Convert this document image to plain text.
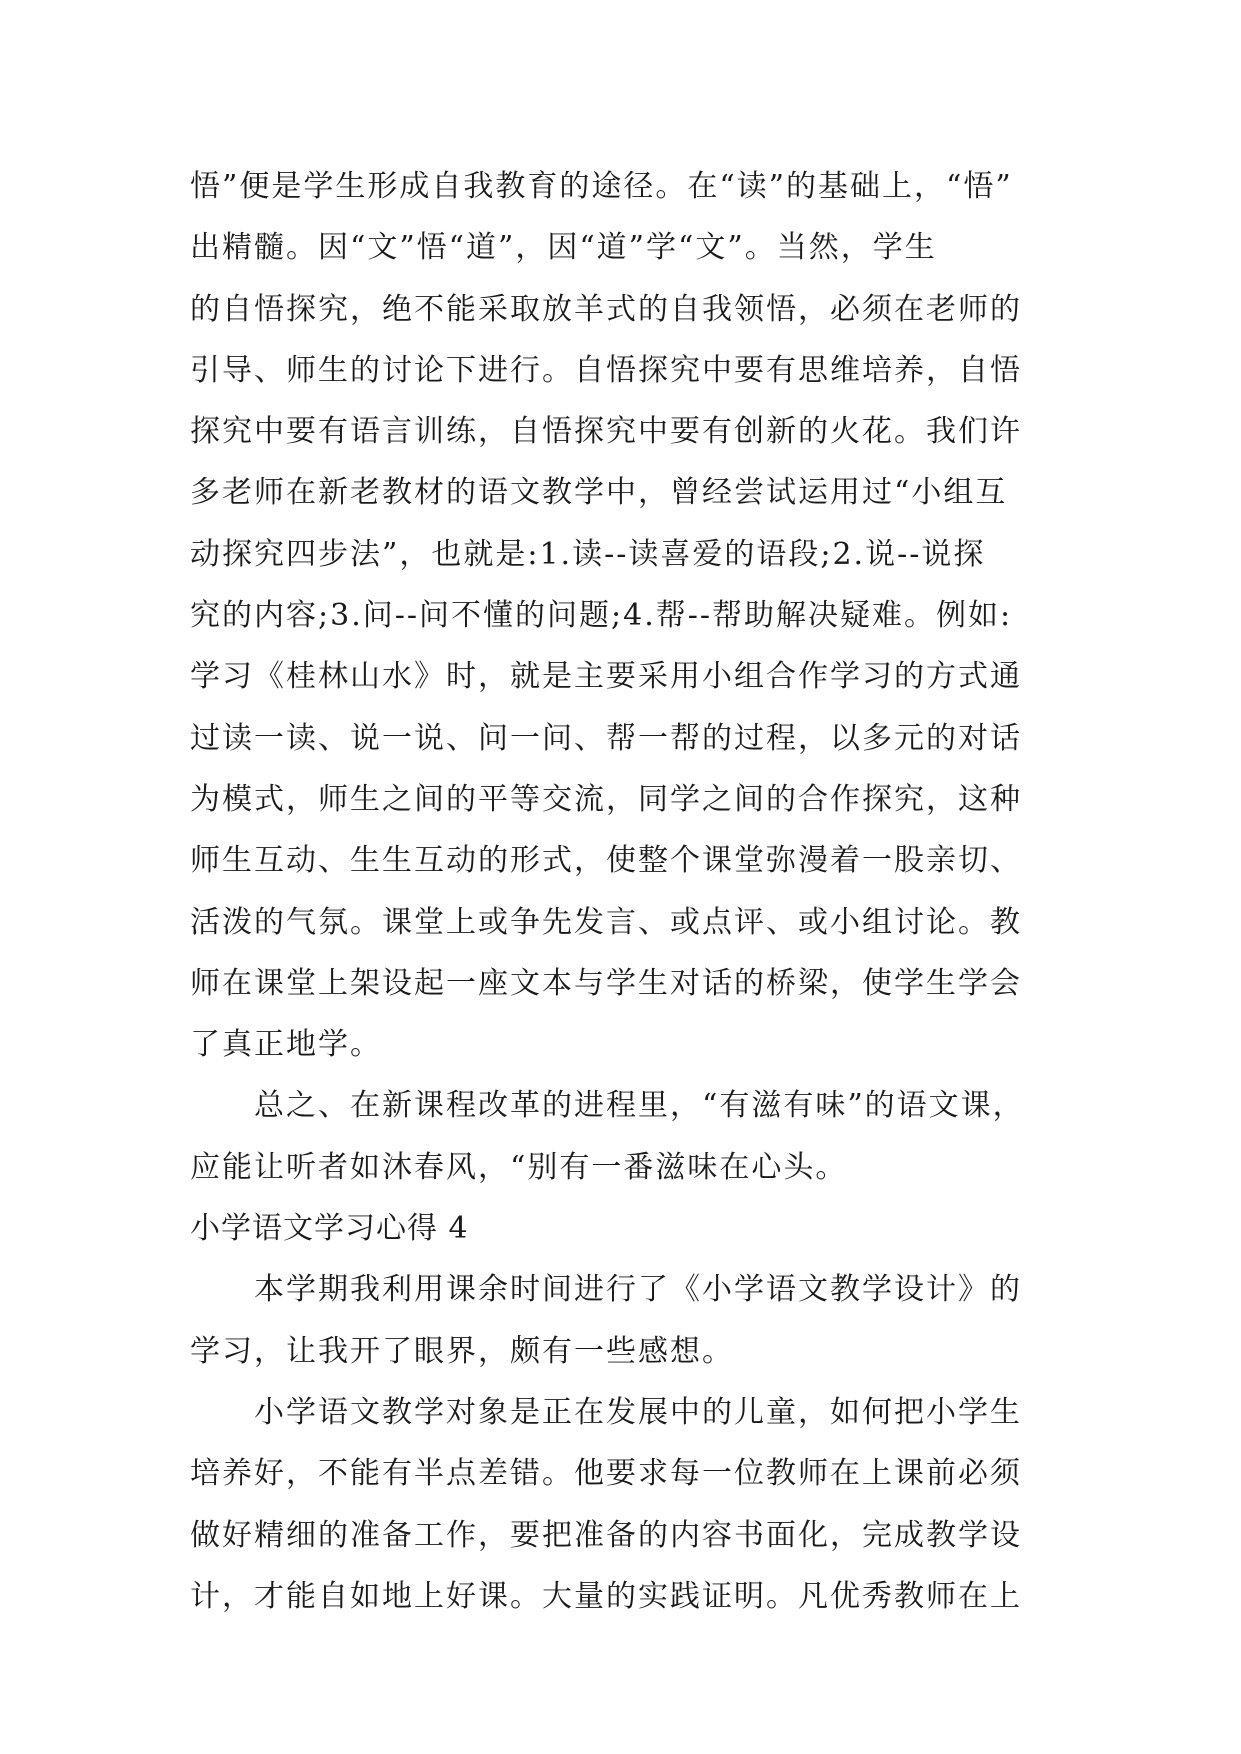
悟”便是学生形成自我教育的途径。在“读”的基础上，“悟”
出精髓。因“文”悟“道”，因“道”学“文”。当然，学生
的自悟探究，绝不能采取放羊式的自我领悟，必须在老师的
引导、师生的讨论下进行。自悟探究中要有思维培养，自悟
探究中要有语言训练，自悟探究中要有创新的火花。我们许
多老师在新老教材的语文教学中，曾经尝试运用过“小组互
动探究四步法”，也就是:1.读--读喜爱的语段;2.说--说探
究的内容;3.问--问不懂的问题;4.帮--帮助解决疑难。例如:
学习《桂林山水》时，就是主要采用小组合作学习的方式通
过读一读、说一说、问一问、帮一帮的过程，以多元的对话
为模式，师生之间的平等交流，同学之间的合作探究，这种
师生互动、生生互动的形式，使整个课堂弥漫着一股亲切、
活泼的气氛。课堂上或争先发言、或点评、或小组讨论。教
师在课堂上架设起一座文本与学生对话的桥梁，使学生学会
了真正地学。
总之、在新课程改革的进程里，“有滋有味”的语文课，
应能让听者如沐春风，“别有一番滋味在心头。
小学语文学习心得 4
本学期我利用课余时间进行了《小学语文教学设计》的
学习，让我开了眼界，颇有一些感想。
小学语文教学对象是正在发展中的儿童，如何把小学生
培养好，不能有半点差错。他要求每一位教师在上课前必须
做好精细的准备工作，要把准备的内容书面化，完成教学设
计，才能自如地上好课。大量的实践证明。凡优秀教师在上
